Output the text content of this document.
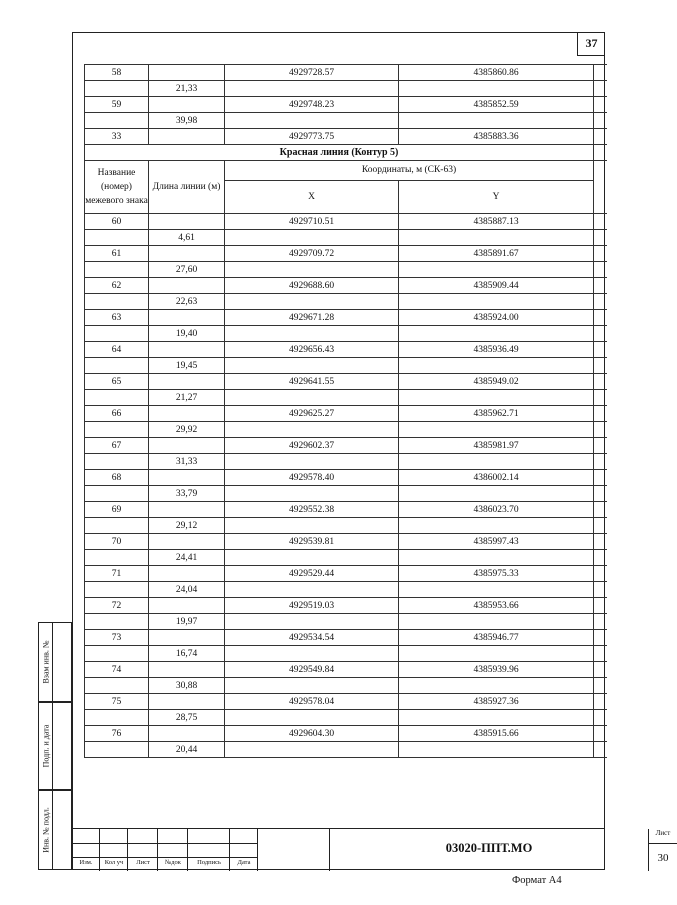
37
58		4929728.57	4385860.86	
	21,33			
59		4929748.23	4385852.59	
	39,98			
33		4929773.75	4385883.36	
Красная линия (Контур 5)				
Название (номер) межевого знака	Длина линии (м)	Координаты, м (СК-63)		
		X	Y	
60		4929710.51	4385887.13	
	4,61			
61		4929709.72	4385891.67	
	27,60			
62		4929688.60	4385909.44	
	22,63			
63		4929671.28	4385924.00	
	19,40			
64		4929656.43	4385936.49	
	19,45			
65		4929641.55	4385949.02	
	21,27			
66		4929625.27	4385962.71	
	29,92			
67		4929602.37	4385981.97	
	31,33			
68		4929578.40	4386002.14	
	33,79			
69		4929552.38	4386023.70	
	29,12			
70		4929539.81	4385997.43	
	24,41			
71		4929529.44	4385975.33	
	24,04			
72		4929519.03	4385953.66	
	19,97			
73		4929534.54	4385946.77	
	16,74			
74		4929549.84	4385939.96	
	30,88			
75		4929578.04	4385927.36	
	28,75			
76		4929604.30	4385915.66	
	20,44			
Взам инв. №
Подп. и дата
Инв. № подл.
Изм.	Кол уч	Лист	№док	Подпись	Дата
03020-ППТ.МО
Лист
30
Формат А4
